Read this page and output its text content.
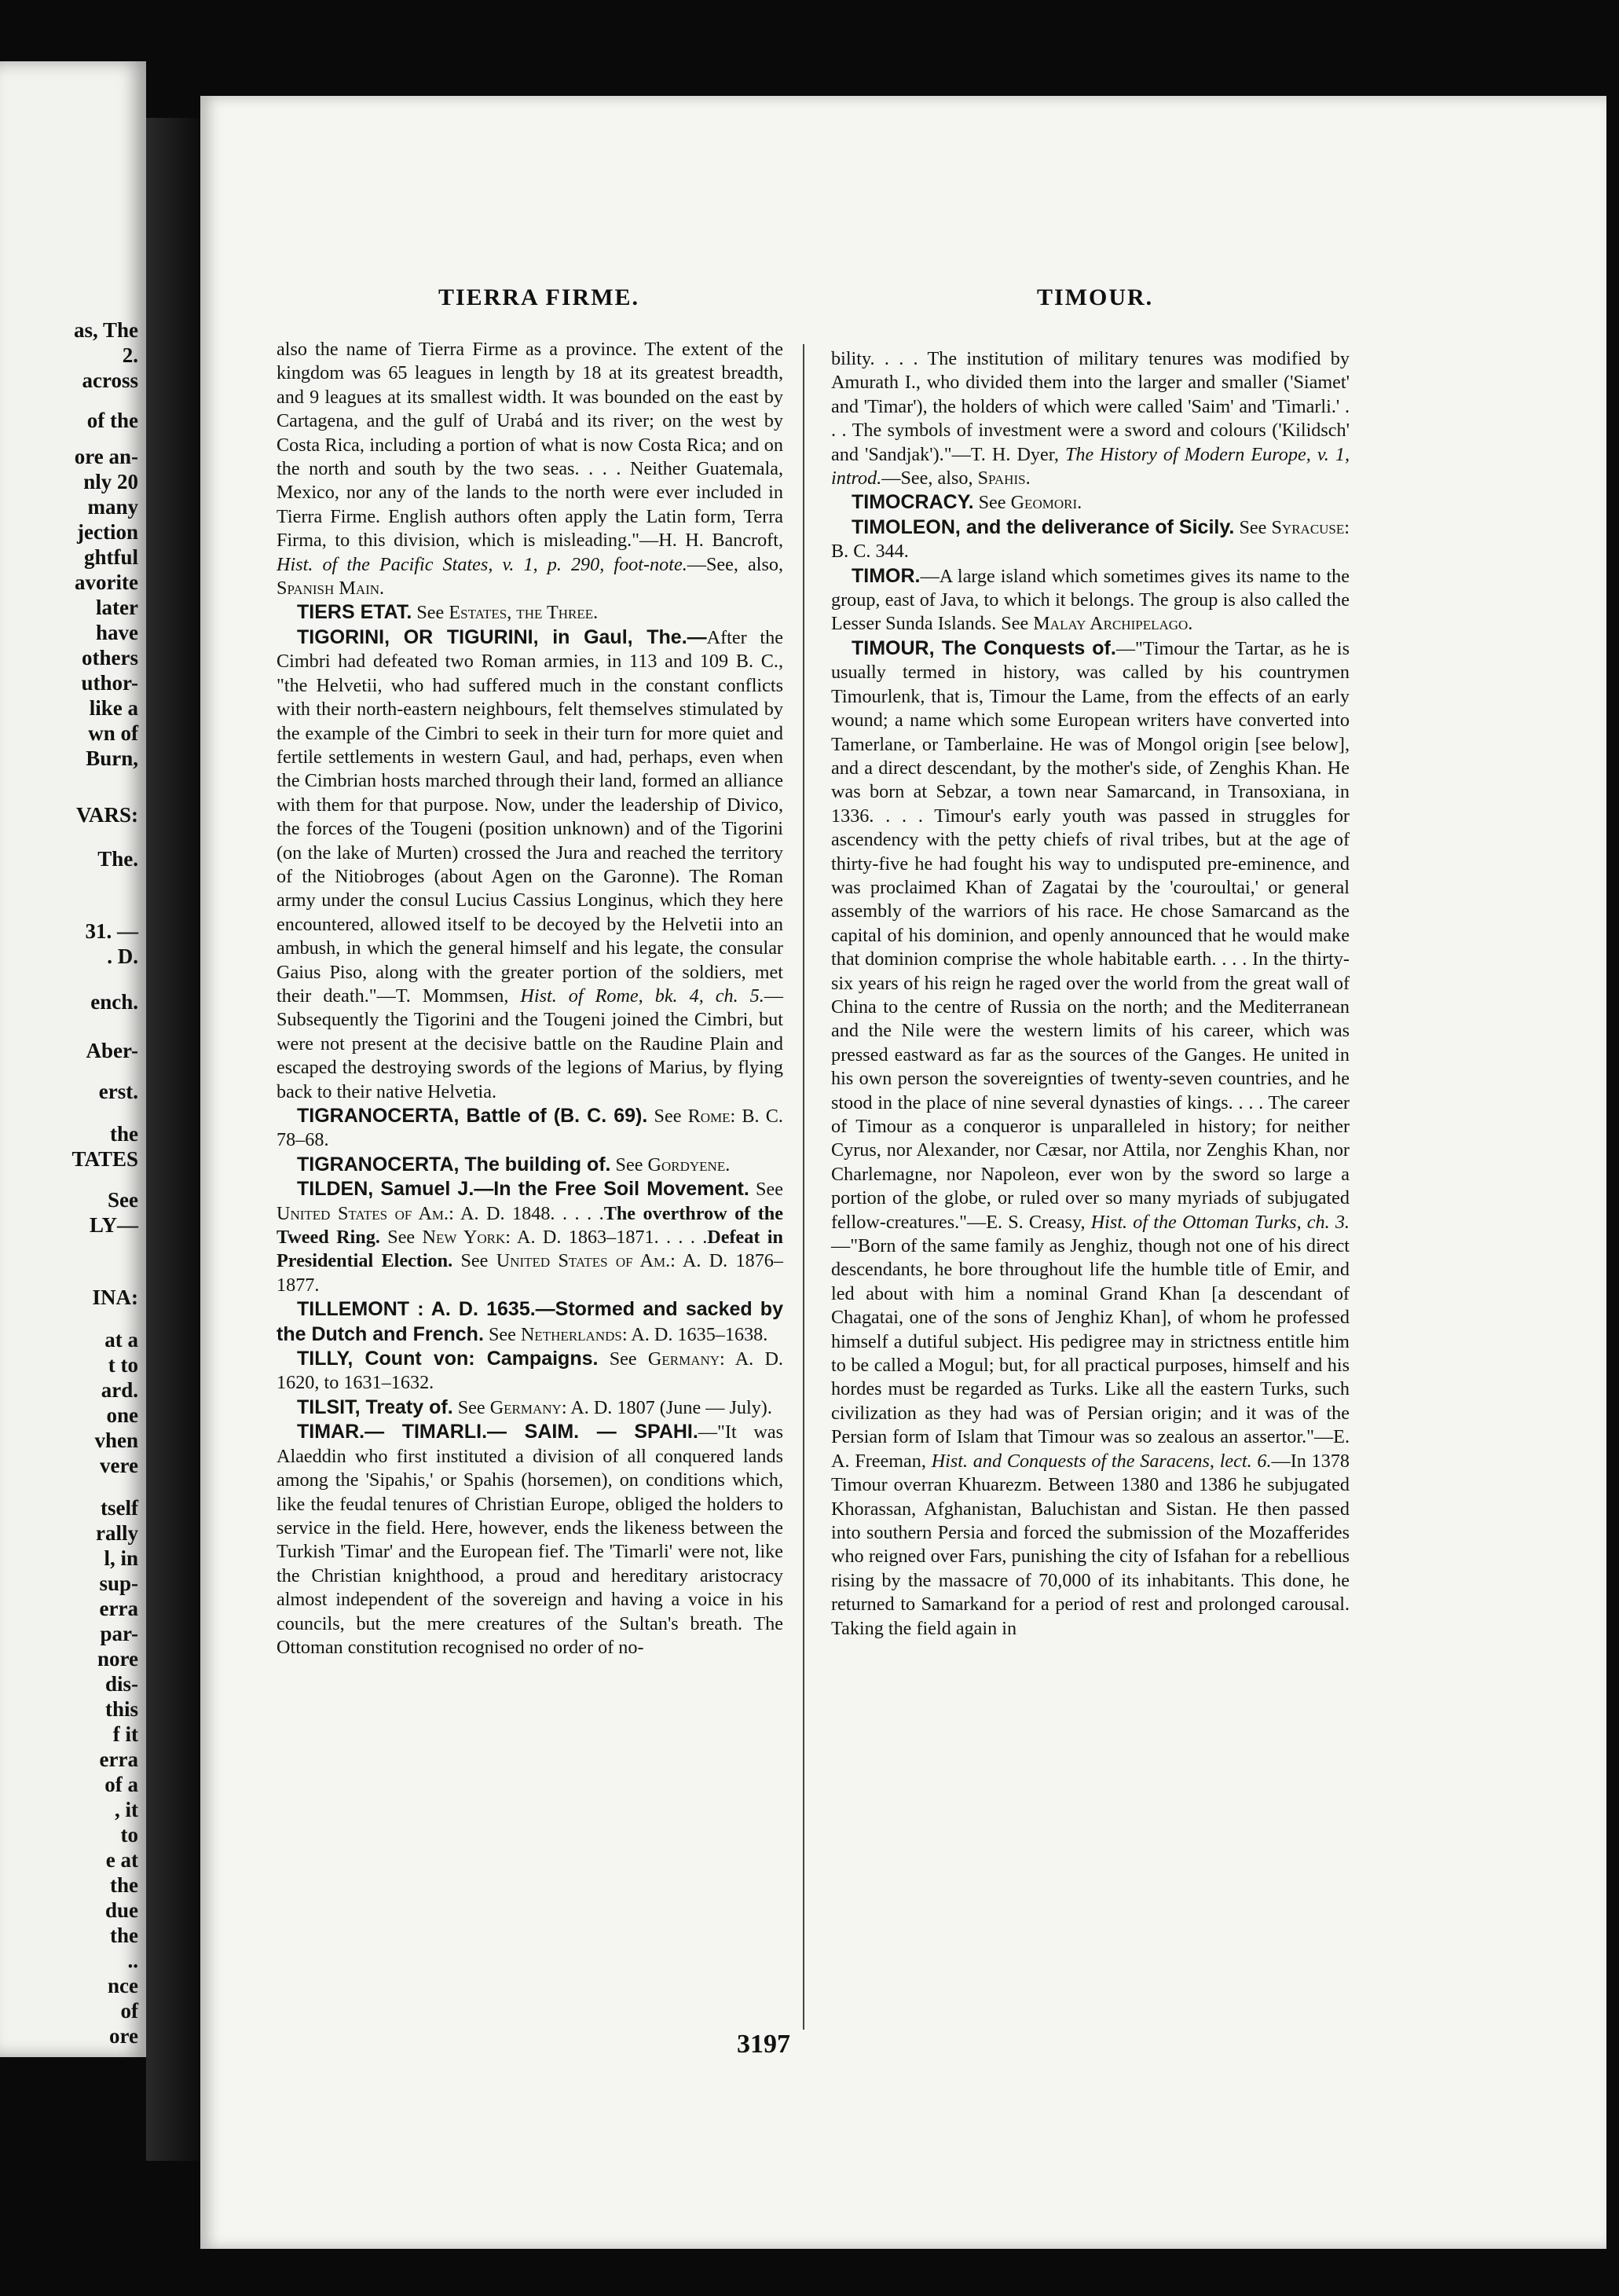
as, The
2.
across
of the
ore an-
nly 20
many
jection
ghtful
avorite
later
have
others
uthor-
like a
wn of
Burn,
VARS:
The.
31. —
. D.
ench.
Aber-
erst.
the
TATES
See
LY—
INA:
at a
t to
ard.
one
vhen
vere
tself
rally
l, in
sup-
erra
par-
nore
dis-
this
f it
erra
of a
, it
to
e at
the
due
the
..
nce
of
ore
TIERRA FIRME.	TIMOUR.

also the name of Tierra Firme as a province. The extent of the kingdom was 65 leagues in length by 18 at its greatest breadth, and 9 leagues at its smallest width. It was bounded on the east by Cartagena, and the gulf of Urabá and its river; on the west by Costa Rica, including a portion of what is now Costa Rica; and on the north and south by the two seas. . . . Neither Guatemala, Mexico, nor any of the lands to the north were ever included in Tierra Firme. English authors often apply the Latin form, Terra Firma, to this division, which is misleading."—H. H. Bancroft, Hist. of the Pacific States, v. 1, p. 290, foot-note.—See, also, Spanish Main.

TIERS ETAT. See Estates, the Three.

TIGORINI, OR TIGURINI, in Gaul, The.—After the Cimbri had defeated two Roman armies, in 113 and 109 B. C., "the Helvetii, who had suffered much in the constant conflicts with their north-eastern neighbours, felt themselves stimulated by the example of the Cimbri to seek in their turn for more quiet and fertile settlements in western Gaul, and had, perhaps, even when the Cimbrian hosts marched through their land, formed an alliance with them for that purpose. Now, under the leadership of Divico, the forces of the Tougeni (position unknown) and of the Tigorini (on the lake of Murten) crossed the Jura and reached the territory of the Nitiobroges (about Agen on the Garonne). The Roman army under the consul Lucius Cassius Longinus, which they here encountered, allowed itself to be decoyed by the Helvetii into an ambush, in which the general himself and his legate, the consular Gaius Piso, along with the greater portion of the soldiers, met their death."—T. Mommsen, Hist. of Rome, bk. 4, ch. 5.—Subsequently the Tigorini and the Tougeni joined the Cimbri, but were not present at the decisive battle on the Raudine Plain and escaped the destroying swords of the legions of Marius, by flying back to their native Helvetia.

TIGRANOCERTA, Battle of (B. C. 69). See Rome: B. C. 78–68.

TIGRANOCERTA, The building of. See Gordyene.

TILDEN, Samuel J.—In the Free Soil Movement. See United States of Am.: A. D. 1848. . . . .The overthrow of the Tweed Ring. See New York: A. D. 1863–1871. . . . .Defeat in Presidential Election. See United States of Am.: A. D. 1876–1877.

TILLEMONT : A. D. 1635.—Stormed and sacked by the Dutch and French. See Netherlands: A. D. 1635–1638.

TILLY, Count von: Campaigns. See Germany: A. D. 1620, to 1631–1632.

TILSIT, Treaty of. See Germany: A. D. 1807 (June — July).

TIMAR.— TIMARLI.— SAIM. — SPAHI.—"It was Alaeddin who first instituted a division of all conquered lands among the 'Sipahis,' or Spahis (horsemen), on conditions which, like the feudal tenures of Christian Europe, obliged the holders to service in the field. Here, however, ends the likeness between the Turkish 'Timar' and the European fief. The 'Timarli' were not, like the Christian knighthood, a proud and hereditary aristocracy almost independent of the sovereign and having a voice in his councils, but the mere creatures of the Sultan's breath. The Ottoman constitution recognised no order of no-

bility. . . . The institution of military tenures was modified by Amurath I., who divided them into the larger and smaller ('Siamet' and 'Timar'), the holders of which were called 'Saim' and 'Timarli.' . . . The symbols of investment were a sword and colours ('Kilidsch' and 'Sandjak')."—T. H. Dyer, The History of Modern Europe, v. 1, introd.—See, also, Spahis.

TIMOCRACY. See Geomori.

TIMOLEON, and the deliverance of Sicily. See Syracuse: B. C. 344.

TIMOR.—A large island which sometimes gives its name to the group, east of Java, to which it belongs. The group is also called the Lesser Sunda Islands. See Malay Archipelago.

TIMOUR, The Conquests of.—"Timour the Tartar, as he is usually termed in history, was called by his countrymen Timourlenk, that is, Timour the Lame, from the effects of an early wound; a name which some European writers have converted into Tamerlane, or Tamberlaine. He was of Mongol origin [see below], and a direct descendant, by the mother's side, of Zenghis Khan. He was born at Sebzar, a town near Samarcand, in Transoxiana, in 1336. . . . Timour's early youth was passed in struggles for ascendency with the petty chiefs of rival tribes, but at the age of thirty-five he had fought his way to undisputed pre-eminence, and was proclaimed Khan of Zagatai by the 'couroultai,' or general assembly of the warriors of his race. He chose Samarcand as the capital of his dominion, and openly announced that he would make that dominion comprise the whole habitable earth. . . . In the thirty-six years of his reign he raged over the world from the great wall of China to the centre of Russia on the north; and the Mediterranean and the Nile were the western limits of his career, which was pressed eastward as far as the sources of the Ganges. He united in his own person the sovereignties of twenty-seven countries, and he stood in the place of nine several dynasties of kings. . . . The career of Timour as a conqueror is unparalleled in history; for neither Cyrus, nor Alexander, nor Cæsar, nor Attila, nor Zenghis Khan, nor Charlemagne, nor Napoleon, ever won by the sword so large a portion of the globe, or ruled over so many myriads of subjugated fellow-creatures."—E. S. Creasy, Hist. of the Ottoman Turks, ch. 3.—"Born of the same family as Jenghiz, though not one of his direct descendants, he bore throughout life the humble title of Emir, and led about with him a nominal Grand Khan [a descendant of Chagatai, one of the sons of Jenghiz Khan], of whom he professed himself a dutiful subject. His pedigree may in strictness entitle him to be called a Mogul; but, for all practical purposes, himself and his hordes must be regarded as Turks. Like all the eastern Turks, such civilization as they had was of Persian origin; and it was of the Persian form of Islam that Timour was so zealous an assertor."—E. A. Freeman, Hist. and Conquests of the Saracens, lect. 6.—In 1378 Timour overran Khuarezm. Between 1380 and 1386 he subjugated Khorassan, Afghanistan, Baluchistan and Sistan. He then passed into southern Persia and forced the submission of the Mozafferides who reigned over Fars, punishing the city of Isfahan for a rebellious rising by the massacre of 70,000 of its inhabitants. This done, he returned to Samarkand for a period of rest and prolonged carousal. Taking the field again in

3197
